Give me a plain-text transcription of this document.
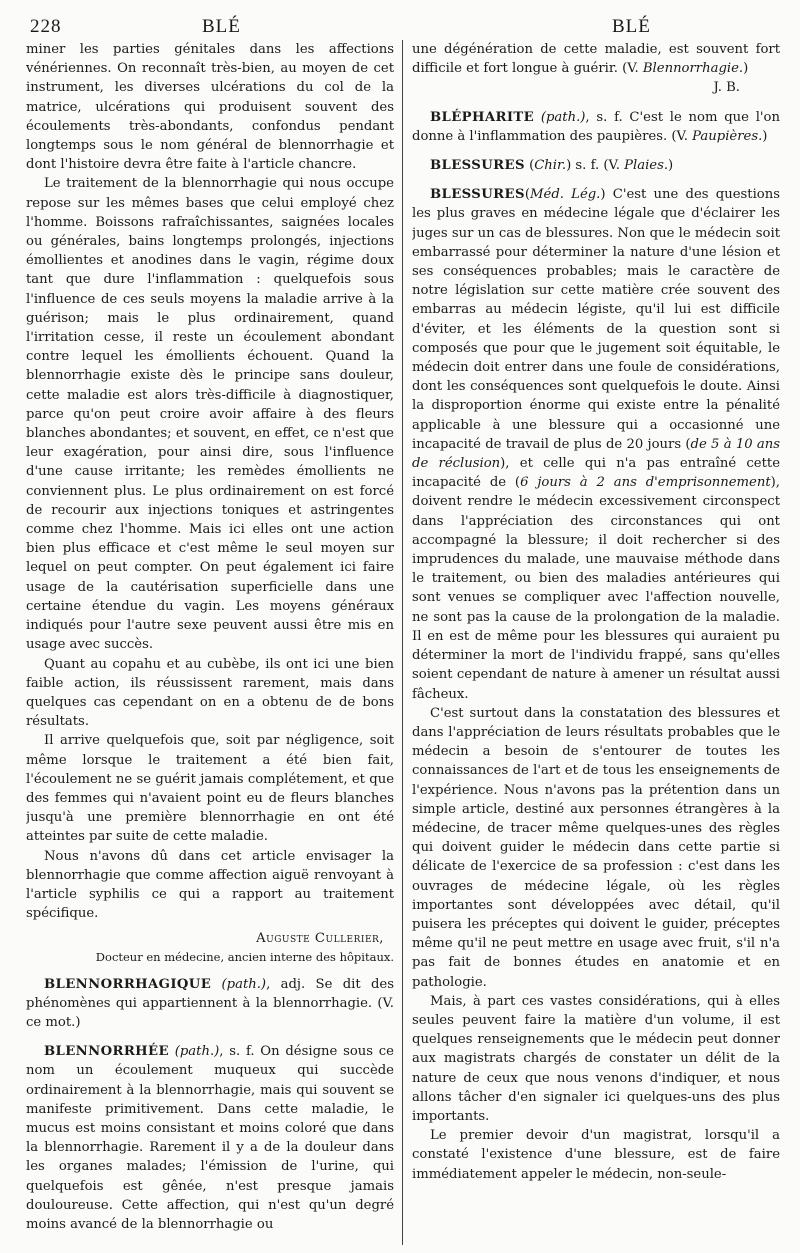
228	BLÉ	BLÉ

miner les parties génitales dans les affections vénériennes. On reconnaît très-bien, au moyen de cet instrument, les diverses ulcérations du col de la matrice, ulcérations qui produisent souvent des écoulements très-abondants, confondus pendant longtemps sous le nom général de blennorrhagie et dont l'histoire devra être faite à l'article chancre.

Le traitement de la blennorrhagie qui nous occupe repose sur les mêmes bases que celui employé chez l'homme. Boissons rafraîchissantes, saignées locales ou générales, bains longtemps prolongés, injections émollientes et anodines dans le vagin, régime doux tant que dure l'inflammation : quelquefois sous l'influence de ces seuls moyens la maladie arrive à la guérison; mais le plus ordinairement, quand l'irritation cesse, il reste un écoulement abondant contre lequel les émollients échouent. Quand la blennorrhagie existe dès le principe sans douleur, cette maladie est alors très-difficile à diagnostiquer, parce qu'on peut croire avoir affaire à des fleurs blanches abondantes; et souvent, en effet, ce n'est que leur exagération, pour ainsi dire, sous l'influence d'une cause irritante; les remèdes émollients ne conviennent plus. Le plus ordinairement on est forcé de recourir aux injections toniques et astringentes comme chez l'homme. Mais ici elles ont une action bien plus efficace et c'est même le seul moyen sur lequel on peut compter. On peut également ici faire usage de la cautérisation superficielle dans une certaine étendue du vagin. Les moyens généraux indiqués pour l'autre sexe peuvent aussi être mis en usage avec succès.

Quant au copahu et au cubèbe, ils ont ici une bien faible action, ils réussissent rarement, mais dans quelques cas cependant on en a obtenu de de bons résultats.

Il arrive quelquefois que, soit par négligence, soit même lorsque le traitement a été bien fait, l'écoulement ne se guérit jamais complétement, et que des femmes qui n'avaient point eu de fleurs blanches jusqu'à une première blennorrhagie en ont été atteintes par suite de cette maladie.

Nous n'avons dû dans cet article envisager la blennorrhagie que comme affection aiguë renvoyant à l'article syphilis ce qui a rapport au traitement spécifique.

Auguste Cullerier,

Docteur en médecine, ancien interne des hôpitaux.

BLENNORRHAGIQUE (path.), adj. Se dit des phénomènes qui appartiennent à la blennorrhagie. (V. ce mot.)

BLENNORRHÉE (path.), s. f. On désigne sous ce nom un écoulement muqueux qui succède ordinairement à la blennorrhagie, mais qui souvent se manifeste primitivement. Dans cette maladie, le mucus est moins consistant et moins coloré que dans la blennorrhagie. Rarement il y a de la douleur dans les organes malades; l'émission de l'urine, qui quelquefois est gênée, n'est presque jamais douloureuse. Cette affection, qui n'est qu'un degré moins avancé de la blennorrhagie ou

une dégénération de cette maladie, est souvent fort difficile et fort longue à guérir. (V. Blennorrhagie.)

J. B.

BLÉPHARITE (path.), s. f. C'est le nom que l'on donne à l'inflammation des paupières. (V. Paupières.)

BLESSURES (Chir.) s. f. (V. Plaies.)

BLESSURES(Méd. Lég.) C'est une des questions les plus graves en médecine légale que d'éclairer les juges sur un cas de blessures. Non que le médecin soit embarrassé pour déterminer la nature d'une lésion et ses conséquences probables; mais le caractère de notre législation sur cette matière crée souvent des embarras au médecin légiste, qu'il lui est difficile d'éviter, et les éléments de la question sont si composés que pour que le jugement soit équitable, le médecin doit entrer dans une foule de considérations, dont les conséquences sont quelquefois le doute. Ainsi la disproportion énorme qui existe entre la pénalité applicable à une blessure qui a occasionné une incapacité de travail de plus de 20 jours (de 5 à 10 ans de réclusion), et celle qui n'a pas entraîné cette incapacité de (6 jours à 2 ans d'emprisonnement), doivent rendre le médecin excessivement circonspect dans l'appréciation des circonstances qui ont accompagné la blessure; il doit rechercher si des imprudences du malade, une mauvaise méthode dans le traitement, ou bien des maladies antérieures qui sont venues se compliquer avec l'affection nouvelle, ne sont pas la cause de la prolongation de la maladie. Il en est de même pour les blessures qui auraient pu déterminer la mort de l'individu frappé, sans qu'elles soient cependant de nature à amener un résultat aussi fâcheux.

C'est surtout dans la constatation des blessures et dans l'appréciation de leurs résultats probables que le médecin a besoin de s'entourer de toutes les connaissances de l'art et de tous les enseignements de l'expérience. Nous n'avons pas la prétention dans un simple article, destiné aux personnes étrangères à la médecine, de tracer même quelques-unes des règles qui doivent guider le médecin dans cette partie si délicate de l'exercice de sa profession : c'est dans les ouvrages de médecine légale, où les règles importantes sont développées avec détail, qu'il puisera les préceptes qui doivent le guider, préceptes même qu'il ne peut mettre en usage avec fruit, s'il n'a pas fait de bonnes études en anatomie et en pathologie.

Mais, à part ces vastes considérations, qui à elles seules peuvent faire la matière d'un volume, il est quelques renseignements que le médecin peut donner aux magistrats chargés de constater un délit de la nature de ceux que nous venons d'indiquer, et nous allons tâcher d'en signaler ici quelques-uns des plus importants.

Le premier devoir d'un magistrat, lorsqu'il a constaté l'existence d'une blessure, est de faire immédiatement appeler le médecin, non-seule-
